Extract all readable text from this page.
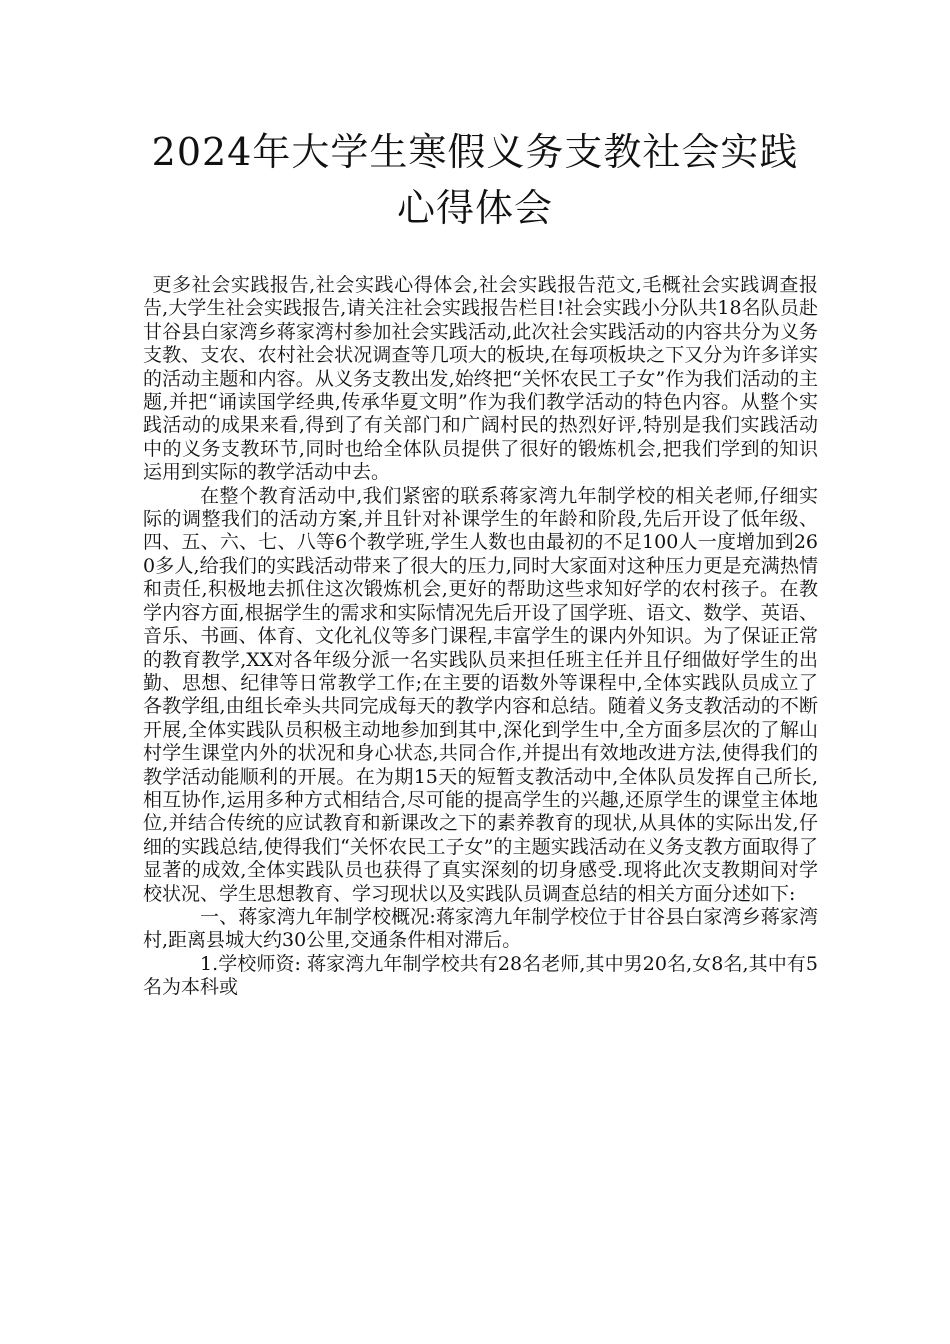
2024年大学生寒假义务支教社会实践心得体会

更多社会实践报告,社会实践心得体会,社会实践报告范文,毛概社会实践调查报告,大学生社会实践报告,请关注社会实践报告栏目!社会实践小分队共18名队员赴甘谷县白家湾乡蒋家湾村参加社会实践活动,此次社会实践活动的内容共分为义务支教、支农、农村社会状况调查等几项大的板块,在每项板块之下又分为许多详实的活动主题和内容。从义务支教出发,始终把“关怀农民工子女”作为我们活动的主题,并把“诵读国学经典,传承华夏文明”作为我们教学活动的特色内容。从整个实践活动的成果来看,得到了有关部门和广阔村民的热烈好评,特别是我们实践活动中的义务支教环节,同时也给全体队员提供了很好的锻炼机会,把我们学到的知识运用到实际的教学活动中去。

在整个教育活动中,我们紧密的联系蒋家湾九年制学校的相关老师,仔细实际的调整我们的活动方案,并且针对补课学生的年龄和阶段,先后开设了低年级、四、五、六、七、八等6个教学班,学生人数也由最初的不足100人一度增加到260多人,给我们的实践活动带来了很大的压力,同时大家面对这种压力更是充满热情和责任,积极地去抓住这次锻炼机会,更好的帮助这些求知好学的农村孩子。在教学内容方面,根据学生的需求和实际情况先后开设了国学班、语文、数学、英语、音乐、书画、体育、文化礼仪等多门课程,丰富学生的课内外知识。为了保证正常的教育教学,XX对各年级分派一名实践队员来担任班主任并且仔细做好学生的出勤、思想、纪律等日常教学工作;在主要的语数外等课程中,全体实践队员成立了各教学组,由组长牵头共同完成每天的教学内容和总结。随着义务支教活动的不断开展,全体实践队员积极主动地参加到其中,深化到学生中,全方面多层次的了解山村学生课堂内外的状况和身心状态,共同合作,并提出有效地改进方法,使得我们的教学活动能顺利的开展。在为期15天的短暂支教活动中,全体队员发挥自己所长,相互协作,运用多种方式相结合,尽可能的提高学生的兴趣,还原学生的课堂主体地位,并结合传统的应试教育和新课改之下的素养教育的现状,从具体的实际出发,仔细的实践总结,使得我们“关怀农民工子女”的主题实践活动在义务支教方面取得了显著的成效,全体实践队员也获得了真实深刻的切身感受.现将此次支教期间对学校状况、学生思想教育、学习现状以及实践队员调查总结的相关方面分述如下:

一、蒋家湾九年制学校概况:蒋家湾九年制学校位于甘谷县白家湾乡蒋家湾村,距离县城大约30公里,交通条件相对滞后。

1.学校师资: 蒋家湾九年制学校共有28名老师,其中男20名,女8名,其中有5名为本科或
